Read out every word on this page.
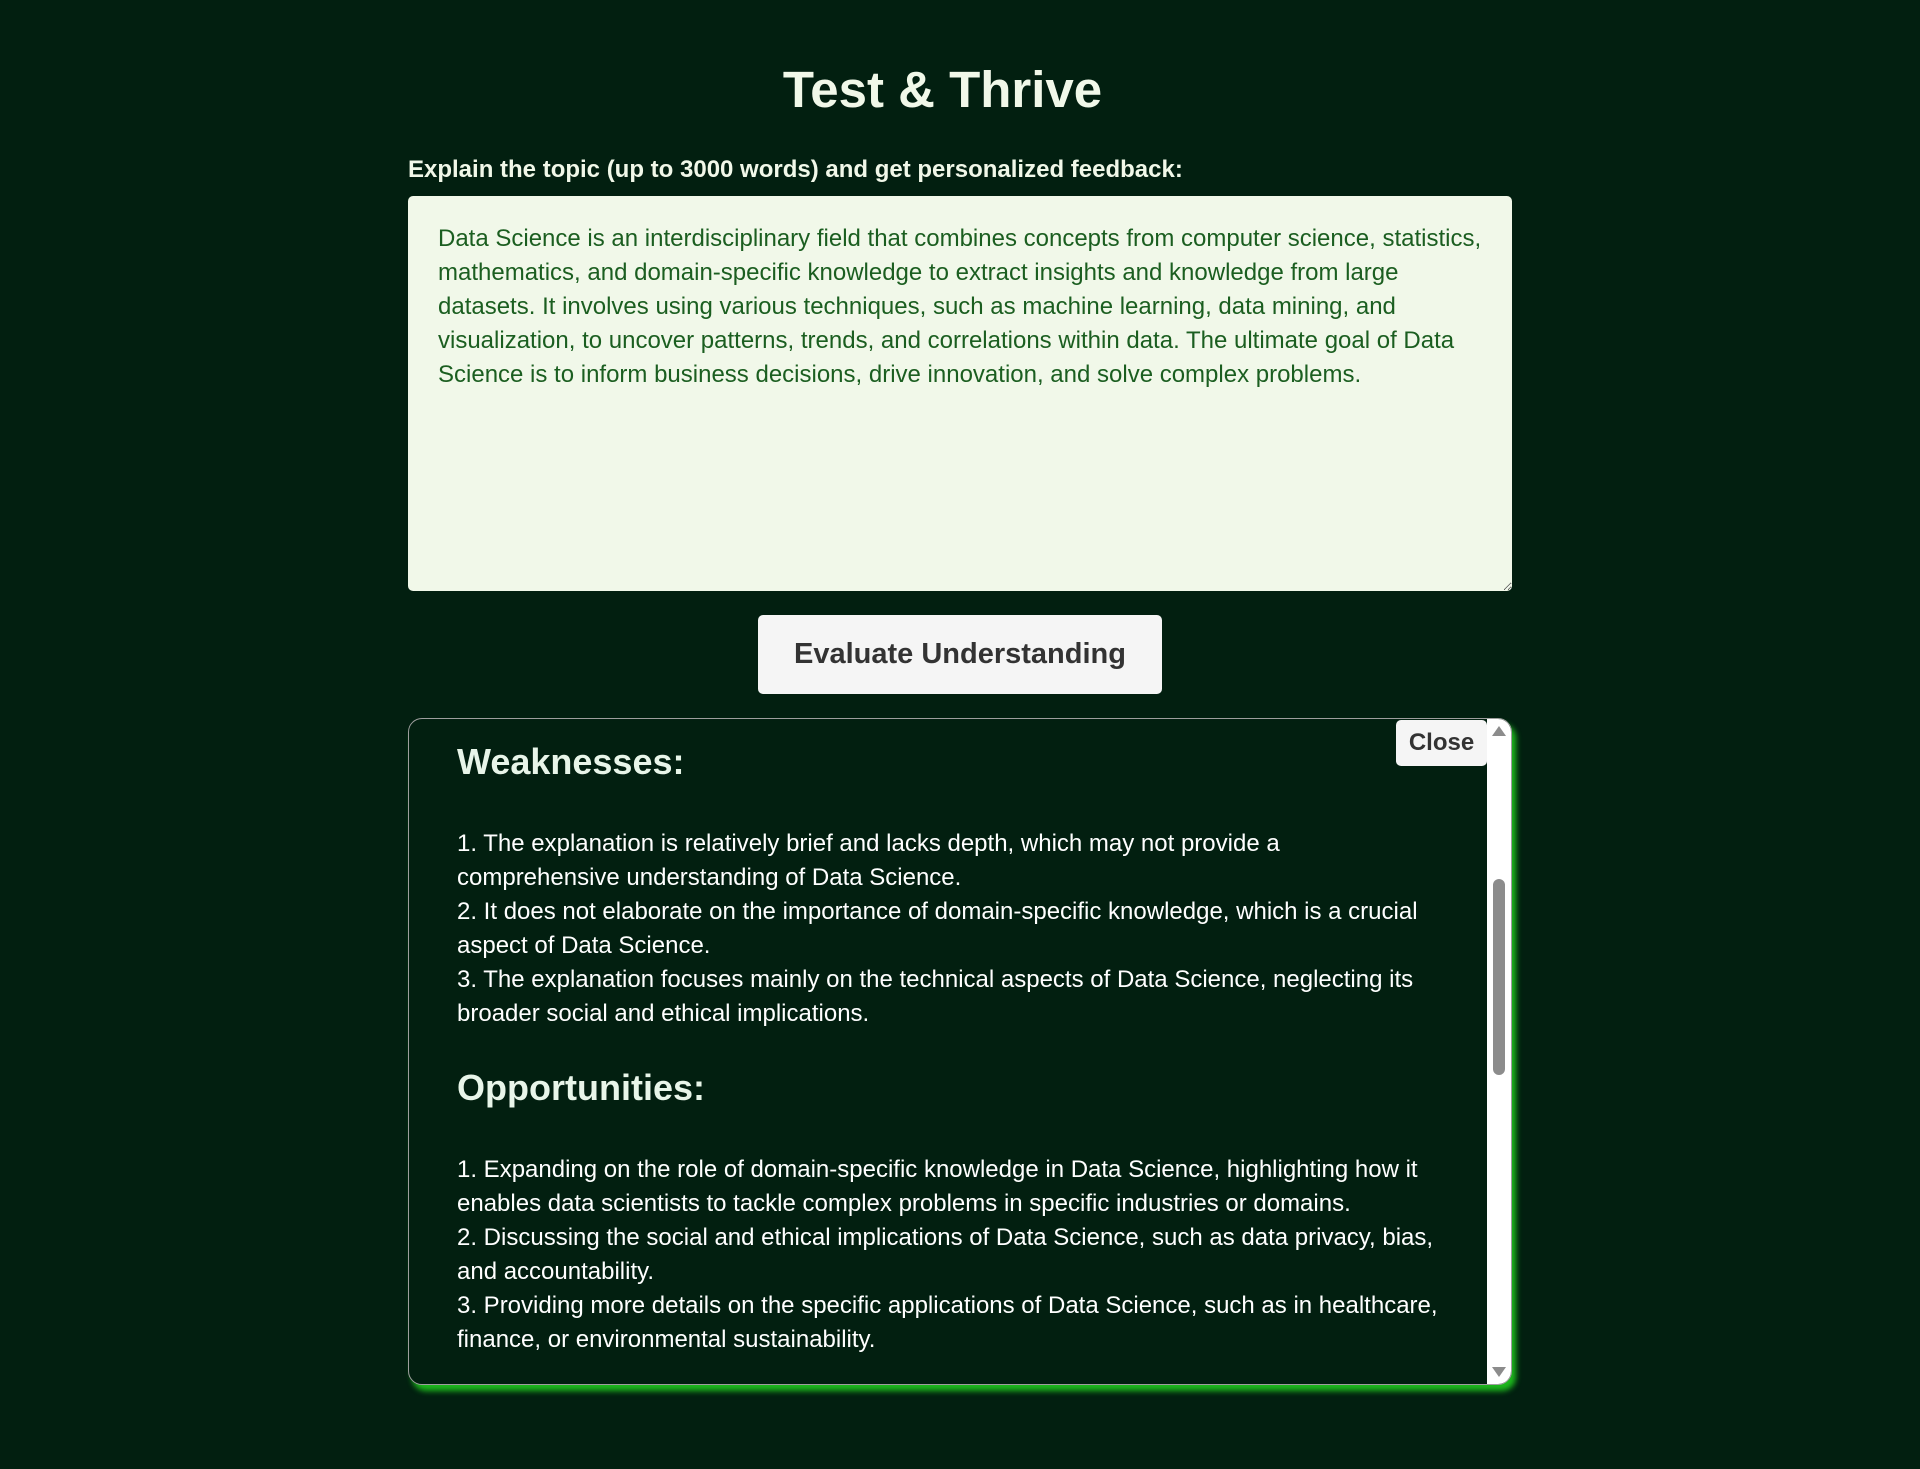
Test & Thrive
Explain the topic (up to 3000 words) and get personalized feedback:
Data Science is an interdisciplinary field that combines concepts from computer science, statistics, mathematics, and domain-specific knowledge to extract insights and knowledge from large datasets. It involves using various techniques, such as machine learning, data mining, and visualization, to uncover patterns, trends, and correlations within data. The ultimate goal of Data Science is to inform business decisions, drive innovation, and solve complex problems.
Evaluate Understanding
Weaknesses:
1. The explanation is relatively brief and lacks depth, which may not provide a comprehensive understanding of Data Science.
2. It does not elaborate on the importance of domain-specific knowledge, which is a crucial aspect of Data Science.
3. The explanation focuses mainly on the technical aspects of Data Science, neglecting its broader social and ethical implications.
Opportunities:
1. Expanding on the role of domain-specific knowledge in Data Science, highlighting how it enables data scientists to tackle complex problems in specific industries or domains.
2. Discussing the social and ethical implications of Data Science, such as data privacy, bias, and accountability.
3. Providing more details on the specific applications of Data Science, such as in healthcare, finance, or environmental sustainability.
Close
